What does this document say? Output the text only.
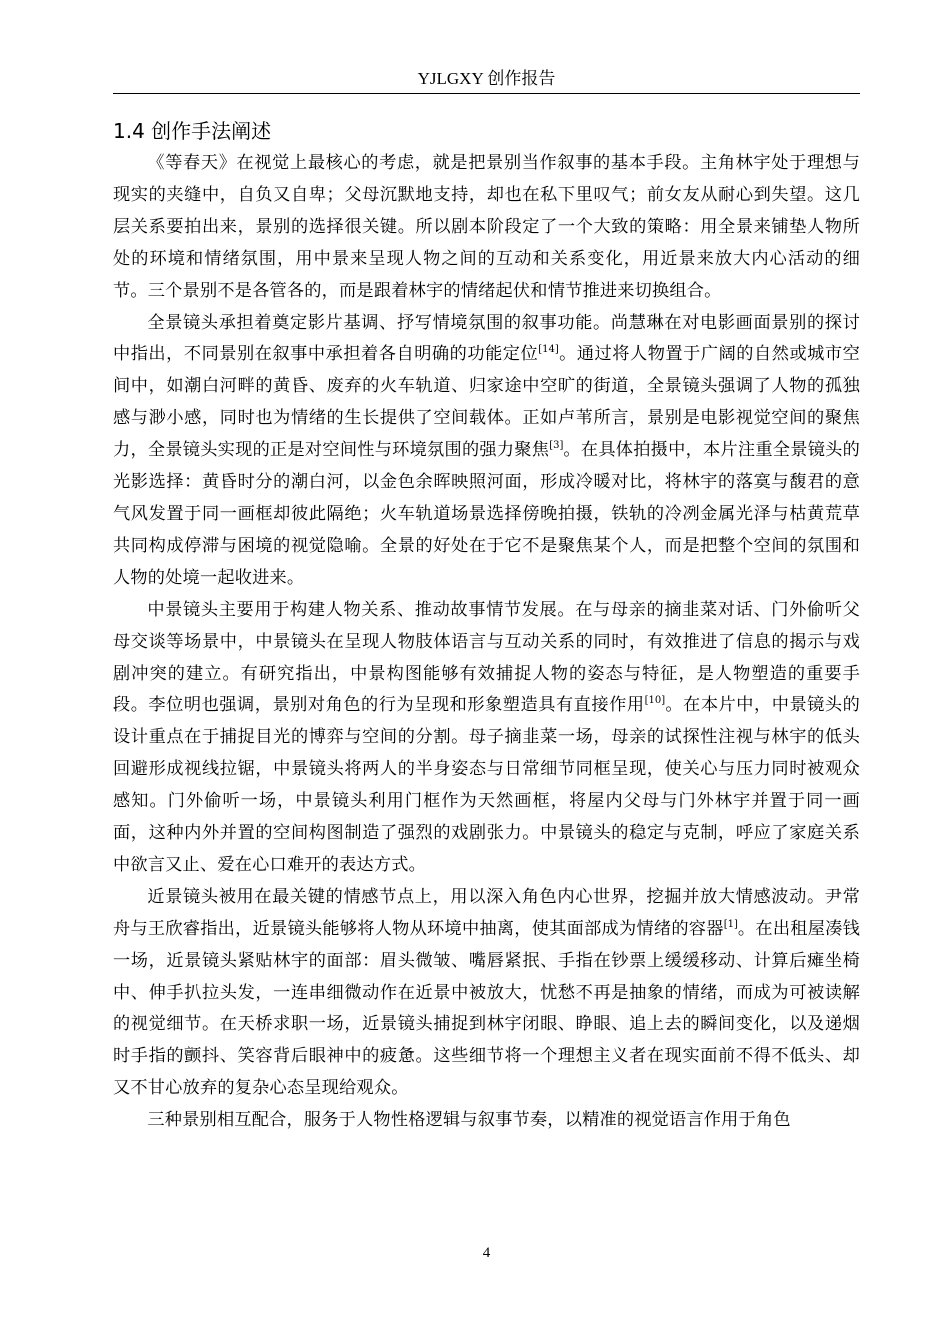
YJLGXY 创作报告
1.4 创作手法阐述

《等春天》在视觉上最核心的考虑，就是把景别当作叙事的基本手段。主角林宇处于理想与现实的夹缝中，自负又自卑；父母沉默地支持，却也在私下里叹气；前女友从耐心到失望。这几层关系要拍出来，景别的选择很关键。所以剧本阶段定了一个大致的策略：用全景来铺垫人物所处的环境和情绪氛围，用中景来呈现人物之间的互动和关系变化，用近景来放大内心活动的细节。三个景别不是各管各的，而是跟着林宇的情绪起伏和情节推进来切换组合。

全景镜头承担着奠定影片基调、抒写情境氛围的叙事功能。尚慧琳在对电影画面景别的探讨中指出，不同景别在叙事中承担着各自明确的功能定位[14]。通过将人物置于广阔的自然或城市空间中，如潮白河畔的黄昏、废弃的火车轨道、归家途中空旷的街道，全景镜头强调了人物的孤独感与渺小感，同时也为情绪的生长提供了空间载体。正如卢苇所言，景别是电影视觉空间的聚焦力，全景镜头实现的正是对空间性与环境氛围的强力聚焦[3]。在具体拍摄中，本片注重全景镜头的光影选择：黄昏时分的潮白河，以金色余晖映照河面，形成冷暖对比，将林宇的落寞与馥君的意气风发置于同一画框却彼此隔绝；火车轨道场景选择傍晚拍摄，铁轨的冷冽金属光泽与枯黄荒草共同构成停滞与困境的视觉隐喻。全景的好处在于它不是聚焦某个人，而是把整个空间的氛围和人物的处境一起收进来。

中景镜头主要用于构建人物关系、推动故事情节发展。在与母亲的摘韭菜对话、门外偷听父母交谈等场景中，中景镜头在呈现人物肢体语言与互动关系的同时，有效推进了信息的揭示与戏剧冲突的建立。有研究指出，中景构图能够有效捕捉人物的姿态与特征，是人物塑造的重要手段。李位明也强调，景别对角色的行为呈现和形象塑造具有直接作用[10]。在本片中，中景镜头的设计重点在于捕捉目光的博弈与空间的分割。母子摘韭菜一场，母亲的试探性注视与林宇的低头回避形成视线拉锯，中景镜头将两人的半身姿态与日常细节同框呈现，使关心与压力同时被观众感知。门外偷听一场，中景镜头利用门框作为天然画框，将屋内父母与门外林宇并置于同一画面，这种内外并置的空间构图制造了强烈的戏剧张力。中景镜头的稳定与克制，呼应了家庭关系中欲言又止、爱在心口难开的表达方式。

近景镜头被用在最关键的情感节点上，用以深入角色内心世界，挖掘并放大情感波动。尹常舟与王欣睿指出，近景镜头能够将人物从环境中抽离，使其面部成为情绪的容器[1]。在出租屋凑钱一场，近景镜头紧贴林宇的面部：眉头微皱、嘴唇紧抿、手指在钞票上缓缓移动、计算后瘫坐椅中、伸手扒拉头发，一连串细微动作在近景中被放大，忧愁不再是抽象的情绪，而成为可被读解的视觉细节。在天桥求职一场，近景镜头捕捉到林宇闭眼、睁眼、追上去的瞬间变化，以及递烟时手指的颤抖、笑容背后眼神中的疲惫。这些细节将一个理想主义者在现实面前不得不低头、却又不甘心放弃的复杂心态呈现给观众。

三种景别相互配合，服务于人物性格逻辑与叙事节奏，以精准的视觉语言作用于角色

4
